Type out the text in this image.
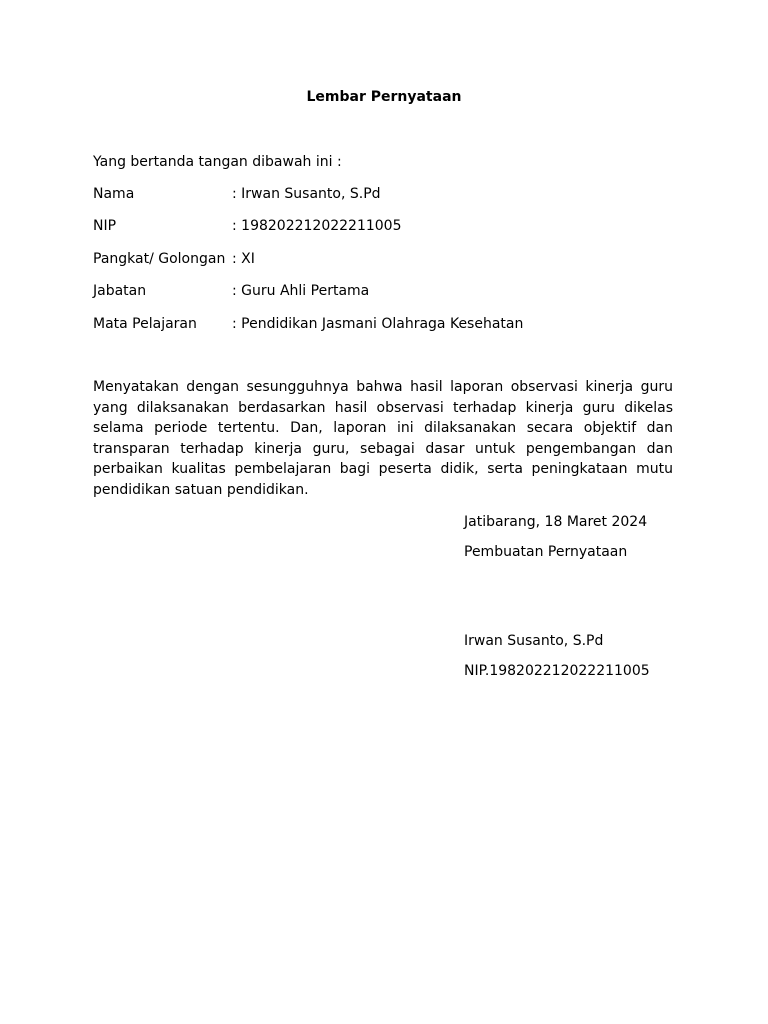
Lembar Pernyataan
Yang bertanda tangan dibawah ini :
Nama	: Irwan Susanto, S.Pd
NIP	: 198202212022211005
Pangkat/ Golongan : XI
Jabatan	: Guru Ahli Pertama
Mata Pelajaran	: Pendidikan Jasmani Olahraga Kesehatan
Menyatakan dengan sesungguhnya bahwa hasil laporan observasi kinerja guru yang dilaksanakan berdasarkan hasil observasi terhadap kinerja guru dikelas selama periode tertentu. Dan, laporan ini dilaksanakan secara objektif dan transparan terhadap kinerja guru, sebagai dasar untuk pengembangan dan perbaikan kualitas pembelajaran bagi peserta didik, serta peningkataan mutu pendidikan satuan pendidikan.
Jatibarang, 18 Maret 2024
Pembuatan Pernyataan
Irwan Susanto, S.Pd
NIP.198202212022211005
